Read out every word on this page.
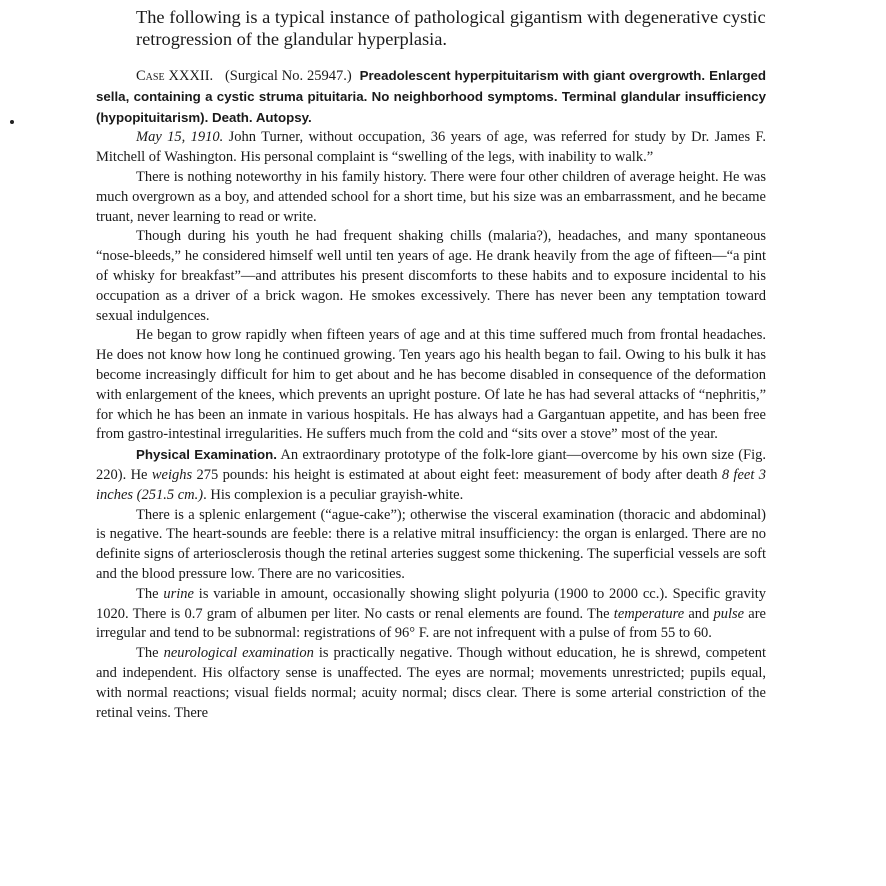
The following is a typical instance of pathological gigantism with degenerative cystic retrogression of the glandular hyperplasia.

Case XXXII. (Surgical No. 25947.) Preadolescent hyperpituitarism with giant overgrowth. Enlarged sella, containing a cystic struma pituitaria. No neighborhood symptoms. Terminal glandular insufficiency (hypopituitarism). Death. Autopsy.

May 15, 1910. John Turner, without occupation, 36 years of age, was referred for study by Dr. James F. Mitchell of Washington. His personal complaint is “swelling of the legs, with inability to walk.”

There is nothing noteworthy in his family history. There were four other children of average height. He was much overgrown as a boy, and attended school for a short time, but his size was an embarrassment, and he became truant, never learning to read or write.

Though during his youth he had frequent shaking chills (malaria?), headaches, and many spontaneous “nose-bleeds,” he considered himself well until ten years of age. He drank heavily from the age of fifteen—“a pint of whisky for breakfast”—and attributes his present discomforts to these habits and to exposure incidental to his occupation as a driver of a brick wagon. He smokes excessively. There has never been any temptation toward sexual indulgences.

He began to grow rapidly when fifteen years of age and at this time suffered much from frontal headaches. He does not know how long he continued growing. Ten years ago his health began to fail. Owing to his bulk it has become increasingly difficult for him to get about and he has become disabled in consequence of the deformation with enlargement of the knees, which prevents an upright posture. Of late he has had several attacks of “nephritis,” for which he has been an inmate in various hospitals. He has always had a Gargantuan appetite, and has been free from gastro-intestinal irregularities. He suffers much from the cold and “sits over a stove” most of the year.

Physical Examination. An extraordinary prototype of the folk-lore giant—overcome by his own size (Fig. 220). He weighs 275 pounds: his height is estimated at about eight feet: measurement of body after death 8 feet 3 inches (251.5 cm.). His complexion is a peculiar grayish-white.

There is a splenic enlargement (“ague-cake”); otherwise the visceral examination (thoracic and abdominal) is negative. The heart-sounds are feeble: there is a relative mitral insufficiency: the organ is enlarged. There are no definite signs of arteriosclerosis though the retinal arteries suggest some thickening. The superficial vessels are soft and the blood pressure low. There are no varicosities.

The urine is variable in amount, occasionally showing slight polyuria (1900 to 2000 cc.). Specific gravity 1020. There is 0.7 gram of albumen per liter. No casts or renal elements are found. The temperature and pulse are irregular and tend to be subnormal: registrations of 96° F. are not infrequent with a pulse of from 55 to 60.

The neurological examination is practically negative. Though without education, he is shrewd, competent and independent. His olfactory sense is unaffected. The eyes are normal; movements unrestricted; pupils equal, with normal reactions; visual fields normal; acuity normal; discs clear. There is some arterial constriction of the retinal veins. There
